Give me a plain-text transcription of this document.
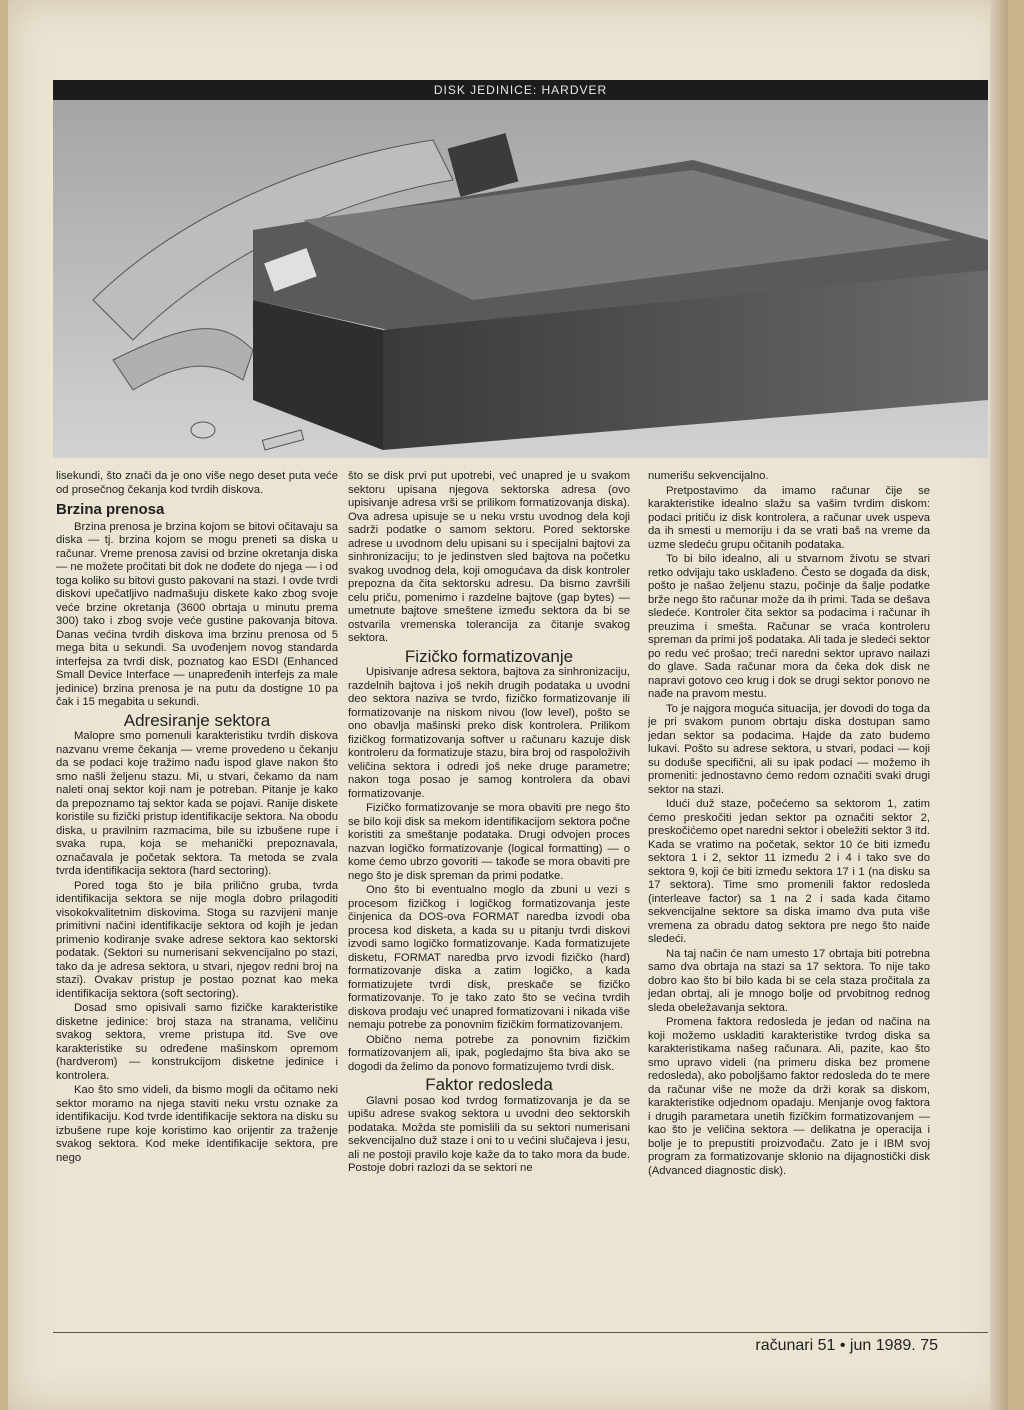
DISK JEDINICE: HARDVER

lisekundi, što znači da je ono više nego deset puta veće od prosečnog čekanja kod tvrdih diskova.

Brzina prenosa

Brzina prenosa je brzina kojom se bitovi očitavaju sa diska — tj. brzina kojom se mogu preneti sa diska u računar. Vreme prenosa zavisi od brzine okretanja diska — ne možete pročitati bit dok ne dođete do njega — i od toga koliko su bitovi gusto pakovani na stazi. I ovde tvrdi diskovi upečatljivo nadmašuju diskete kako zbog svoje veće brzine okretanja (3600 obrtaja u minutu prema 300) tako i zbog svoje veće gustine pakovanja bitova. Danas većina tvrdih diskova ima brzinu prenosa od 5 mega bita u sekundi. Sa uvođenjem novog standarda interfejsa za tvrdi disk, poznatog kao ESDI (Enhanced Small Device Interface — unapređenih interfejs za male jedinice) brzina prenosa je na putu da dostigne 10 pa čak i 15 megabita u sekundi.

Adresiranje sektora

Malopre smo pomenuli karakteristiku tvrdih diskova nazvanu vreme čekanja — vreme provedeno u čekanju da se podaci koje tražimo nađu ispod glave nakon što smo našli željenu stazu. Mi, u stvari, čekamo da nam naleti onaj sektor koji nam je potreban. Pitanje je kako da prepoznamo taj sektor kada se pojavi. Ranije diskete koristile su fizički pristup identifikacije sektora. Na obodu diska, u pravilnim razmacima, bile su izbušene rupe i svaka rupa, koja se mehanički prepoznavala, označavala je početak sektora. Ta metoda se zvala tvrda identifikacija sektora (hard sectoring).

Pored toga što je bila prilično gruba, tvrda identifikacija sektora se nije mogla dobro prilagoditi visokokvalitetnim diskovima. Stoga su razvijeni manje primitivni načini identifikacije sektora od kojih je jedan primenio kodiranje svake adrese sektora kao sektorski podatak. (Sektori su numerisani sekvencijalno po stazi, tako da je adresa sektora, u stvari, njegov redni broj na stazi). Ovakav pristup je postao poznat kao meka identifikacija sektora (soft sectoring).

Dosad smo opisivali samo fizičke karakteristike disketne jedinice: broj staza na stranama, veličinu svakog sektora, vreme pristupa itd. Sve ove karakteristike su određene mašinskom opremom (hardverom) — konstrukcijom disketne jedinice i kontrolera.

Kao što smo videli, da bismo mogli da očitamo neki sektor moramo na njega staviti neku vrstu oznake za identifikaciju. Kod tvrde identifikacije sektora na disku su izbušene rupe koje koristimo kao orijentir za traženje svakog sektora. Kod meke identifikacije sektora, pre nego

što se disk prvi put upotrebi, već unapred je u svakom sektoru upisana njegova sektorska adresa (ovo upisivanje adresa vrši se prilikom formatizovanja diska). Ova adresa upisuje se u neku vrstu uvodnog dela koji sadrži podatke o samom sektoru. Pored sektorske adrese u uvodnom delu upisani su i specijalni bajtovi za sinhronizaciju; to je jedinstven sled bajtova na početku svakog uvodnog dela, koji omogućava da disk kontroler prepozna da čita sektorsku adresu. Da bismo završili celu priču, pomenimo i razdelne bajtove (gap bytes) — umetnute bajtove smeštene između sektora da bi se ostvarila vremenska tolerancija za čitanje svakog sektora.

Fizičko formatizovanje

Upisivanje adresa sektora, bajtova za sinhronizaciju, razdelnih bajtova i još nekih drugih podataka u uvodni deo sektora naziva se tvrdo, fizičko formatizovanje ili formatizovanje na niskom nivou (low level), pošto se ono obavlja mašinski preko disk kontrolera. Prilikom fizičkog formatizovanja softver u računaru kazuje disk kontroleru da formatizuje stazu, bira broj od raspoloživih veličina sektora i odredi još neke druge parametre; nakon toga posao je samog kontrolera da obavi formatizovanje.

Fizičko formatizovanje se mora obaviti pre nego što se bilo koji disk sa mekom identifikacijom sektora počne koristiti za smeštanje podataka. Drugi odvojen proces nazvan logičko formatizovanje (logical formatting) — o kome ćemo ubrzo govoriti — takođe se mora obaviti pre nego što je disk spreman da primi podatke.

Ono što bi eventualno moglo da zbuni u vezi s procesom fizičkog i logičkog formatizovanja jeste činjenica da DOS-ova FORMAT naredba izvodi oba procesa kod disketa, a kada su u pitanju tvrdi diskovi izvodi samo logičko formatizovanje. Kada formatizujete disketu, FORMAT naredba prvo izvodi fizičko (hard) formatizovanje diska a zatim logičko, a kada formatizujete tvrdi disk, preskače se fizičko formatizovanje. To je tako zato što se većina tvrdih diskova prodaju već unapred formatizovani i nikada više nemaju potrebe za ponovnim fizičkim formatizovanjem.

Obično nema potrebe za ponovnim fizičkim formatizovanjem ali, ipak, pogledajmo šta biva ako se dogodi da želimo da ponovo formatizujemo tvrdi disk.

Faktor redosleda

Glavni posao kod tvrdog formatizovanja je da se upišu adrese svakog sektora u uvodni deo sektorskih podataka. Možda ste pomislili da su sektori numerisani sekvencijalno duž staze i oni to u većini slučajeva i jesu, ali ne postoji pravilo koje kaže da to tako mora da bude. Postoje dobri razlozi da se sektori ne

numerišu sekvencijalno.

Pretpostavimo da imamo računar čije se karakteristike idealno slažu sa vašim tvrdim diskom: podaci pritiču iz disk kontrolera, a računar uvek uspeva da ih smesti u memoriju i da se vrati baš na vreme da uzme sledeću grupu očitanih podataka.

To bi bilo idealno, ali u stvarnom životu se stvari retko odvijaju tako usklađeno. Često se događa da disk, pošto je našao željenu stazu, počinje da šalje podatke brže nego što računar može da ih primi. Tada se dešava sledeće. Kontroler čita sektor sa podacima i računar ih preuzima i smešta. Računar se vraća kontroleru spreman da primi još podataka. Ali tada je sledeći sektor po redu već prošao; treći naredni sektor upravo nailazi do glave. Sada računar mora da čeka dok disk ne napravi gotovo ceo krug i dok se drugi sektor ponovo ne nađe na pravom mestu.

To je najgora moguća situacija, jer dovodi do toga da je pri svakom punom obrtaju diska dostupan samo jedan sektor sa podacima. Hajde da zato budemo lukavi. Pošto su adrese sektora, u stvari, podaci — koji su doduše specifični, ali su ipak podaci — možemo ih promeniti: jednostavno ćemo redom označiti svaki drugi sektor na stazi.

Idući duž staze, počećemo sa sektorom 1, zatim ćemo preskočiti jedan sektor pa označiti sektor 2, preskočićemo opet naredni sektor i obeležiti sektor 3 itd. Kada se vratimo na početak, sektor 10 će biti između sektora 1 i 2, sektor 11 između 2 i 4 i tako sve do sektora 9, koji će biti između sektora 17 i 1 (na disku sa 17 sektora). Time smo promenili faktor redosleda (interleave factor) sa 1 na 2 i sada kada čitamo sekvencijalne sektore sa diska imamo dva puta više vremena za obradu datog sektora pre nego što naiđe sledeći.

Na taj način će nam umesto 17 obrtaja biti potrebna samo dva obrtaja na stazi sa 17 sektora. To nije tako dobro kao što bi bilo kada bi se cela staza pročitala za jedan obrtaj, ali je mnogo bolje od prvobitnog rednog sleda obeležavanja sektora.

Promena faktora redosleda je jedan od načina na koji možemo uskladiti karakteristike tvrdog diska sa karakteristikama našeg računara. Ali, pazite, kao što smo upravo videli (na primeru diska bez promene redosleda), ako poboljšamo faktor redosleda do te mere da računar više ne može da drži korak sa diskom, karakteristike odjednom opadaju. Menjanje ovog faktora i drugih parametara unetih fizičkim formatizovanjem — kao što je veličina sektora — delikatna je operacija i bolje je to prepustiti proizvođaču. Zato je i IBM svoj program za formatizovanje sklonio na dijagnostički disk (Advanced diagnostic disk).

računari 51 • jun 1989. 75
